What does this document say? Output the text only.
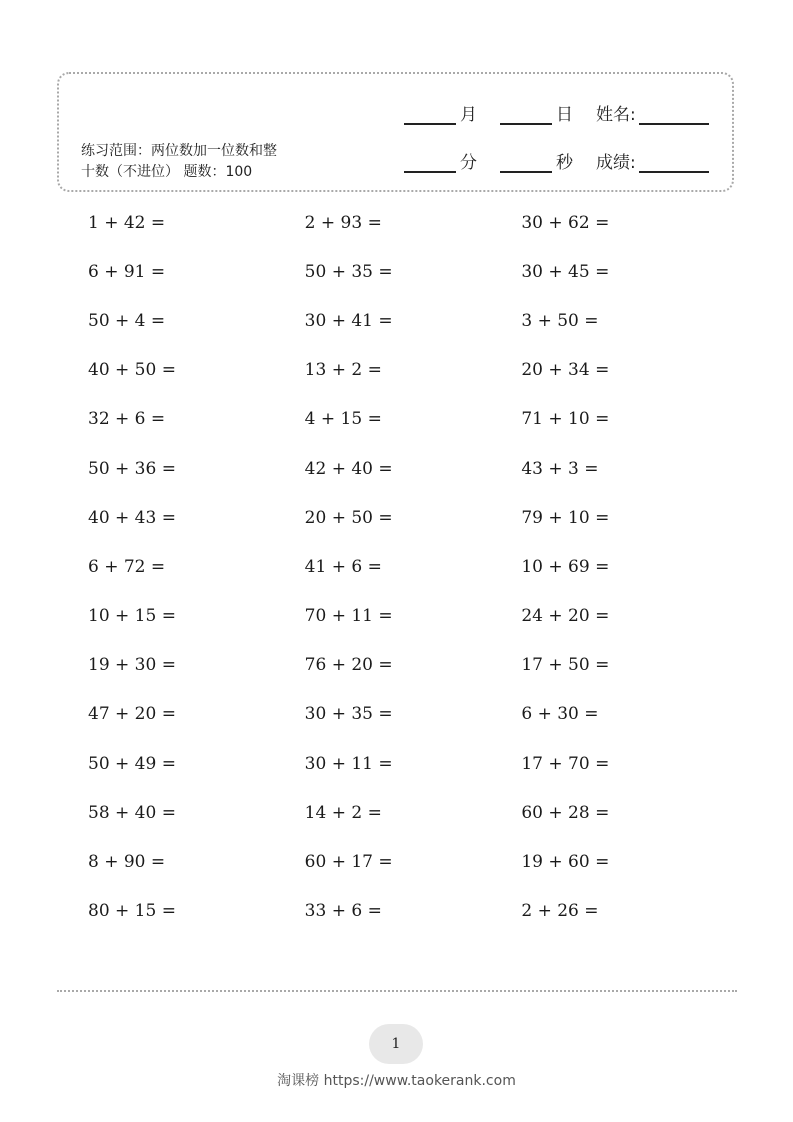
练习范围：两位数加一位数和整
十数（不进位） 题数：100
月	日	姓名:
分	秒	成绩:
1 + 42 =	2 + 93 =	30 + 62 =
6 + 91 =	50 + 35 =	30 + 45 =
50 + 4 =	30 + 41 =	3 + 50 =
40 + 50 =	13 + 2 =	20 + 34 =
32 + 6 =	4 + 15 =	71 + 10 =
50 + 36 =	42 + 40 =	43 + 3 =
40 + 43 =	20 + 50 =	79 + 10 =
6 + 72 =	41 + 6 =	10 + 69 =
10 + 15 =	70 + 11 =	24 + 20 =
19 + 30 =	76 + 20 =	17 + 50 =
47 + 20 =	30 + 35 =	6 + 30 =
50 + 49 =	30 + 11 =	17 + 70 =
58 + 40 =	14 + 2 =	60 + 28 =
8 + 90 =	60 + 17 =	19 + 60 =
80 + 15 =	33 + 6 =	2 + 26 =
1
淘课榜 https://www.taokerank.com
